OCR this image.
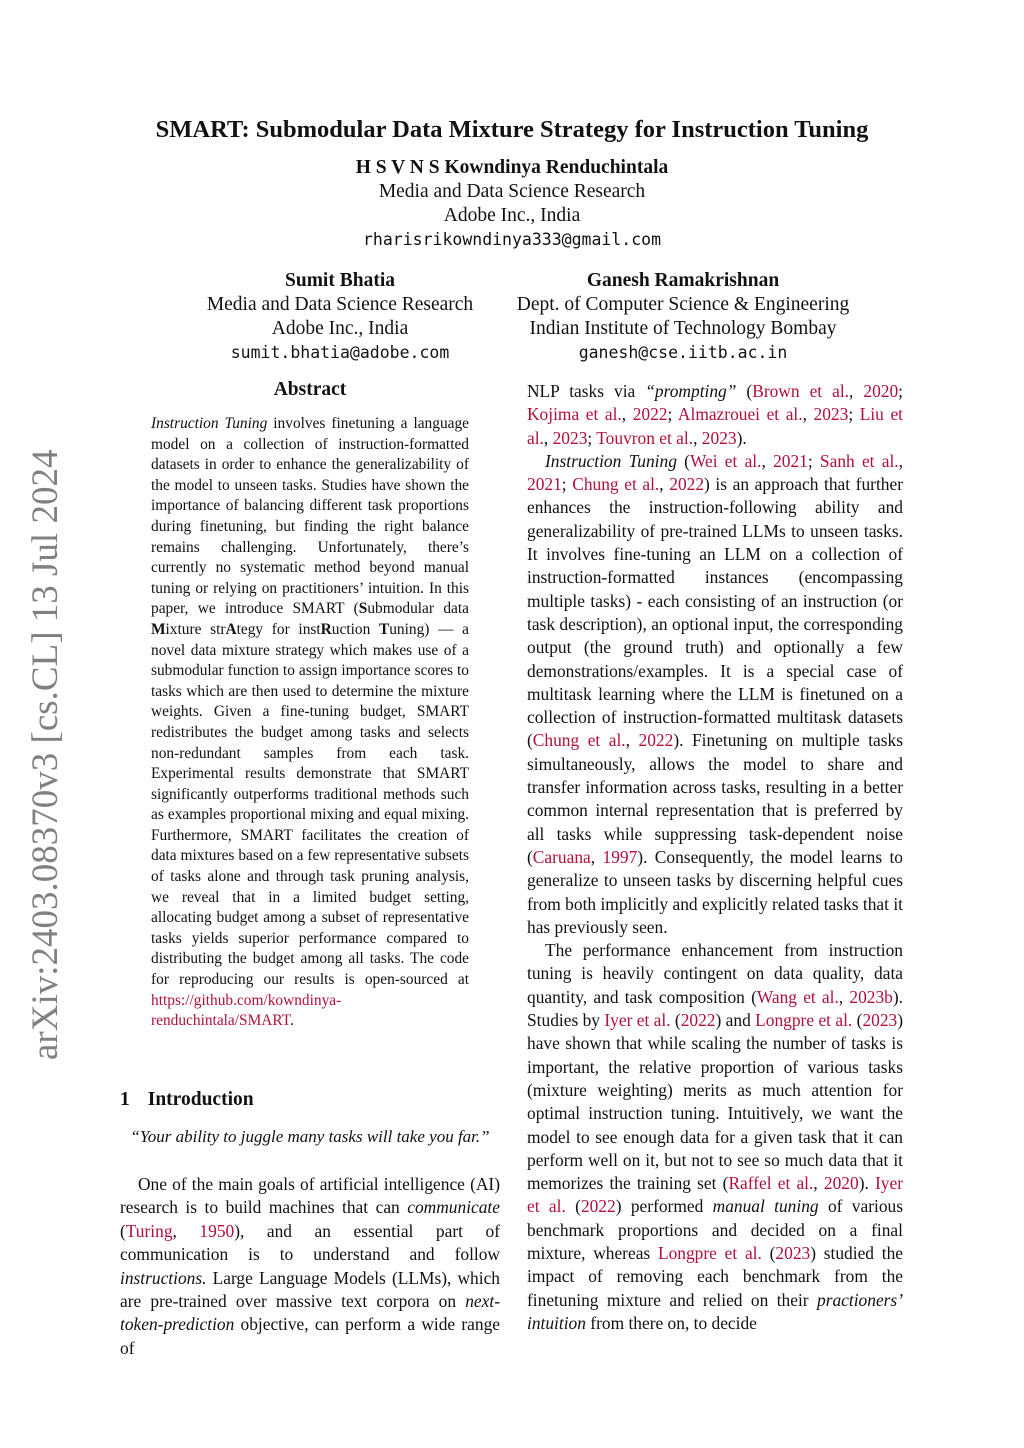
arXiv:2403.08370v3 [cs.CL] 13 Jul 2024
SMART: Submodular Data Mixture Strategy for Instruction Tuning
H S V N S Kowndinya Renduchintala
Media and Data Science Research
Adobe Inc., India
rharisrikowndinya333@gmail.com
Sumit Bhatia
Media and Data Science Research
Adobe Inc., India
sumit.bhatia@adobe.com
Ganesh Ramakrishnan
Dept. of Computer Science & Engineering
Indian Institute of Technology Bombay
ganesh@cse.iitb.ac.in
Abstract
Instruction Tuning involves finetuning a language model on a collection of instruction-formatted datasets in order to enhance the generalizability of the model to unseen tasks. Studies have shown the importance of balancing different task proportions during finetuning, but finding the right balance remains challenging. Unfortunately, there’s currently no systematic method beyond manual tuning or relying on practitioners’ intuition. In this paper, we introduce SMART (Submodular data Mixture strAtegy for instRuction Tuning) — a novel data mixture strategy which makes use of a submodular function to assign importance scores to tasks which are then used to determine the mixture weights. Given a fine-tuning budget, SMART redistributes the budget among tasks and selects non-redundant samples from each task. Experimental results demonstrate that SMART significantly outperforms traditional methods such as examples proportional mixing and equal mixing. Furthermore, SMART facilitates the creation of data mixtures based on a few representative subsets of tasks alone and through task pruning analysis, we reveal that in a limited budget setting, allocating budget among a subset of representative tasks yields superior performance compared to distributing the budget among all tasks. The code for reproducing our results is open-sourced at https://github.com/kowndinya-renduchintala/SMART.
1 Introduction
“Your ability to juggle many tasks will take you far.”

One of the main goals of artificial intelligence (AI) research is to build machines that can communicate (Turing, 1950), and an essential part of communication is to understand and follow instructions. Large Language Models (LLMs), which are pre-trained over massive text corpora on next-token-prediction objective, can perform a wide range of

NLP tasks via “prompting” (Brown et al., 2020; Kojima et al., 2022; Almazrouei et al., 2023; Liu et al., 2023; Touvron et al., 2023).

Instruction Tuning (Wei et al., 2021; Sanh et al., 2021; Chung et al., 2022) is an approach that further enhances the instruction-following ability and generalizability of pre-trained LLMs to unseen tasks. It involves fine-tuning an LLM on a collection of instruction-formatted instances (encompassing multiple tasks) - each consisting of an instruction (or task description), an optional input, the corresponding output (the ground truth) and optionally a few demonstrations/examples. It is a special case of multitask learning where the LLM is finetuned on a collection of instruction-formatted multitask datasets (Chung et al., 2022). Finetuning on multiple tasks simultaneously, allows the model to share and transfer information across tasks, resulting in a better common internal representation that is preferred by all tasks while suppressing task-dependent noise (Caruana, 1997). Consequently, the model learns to generalize to unseen tasks by discerning helpful cues from both implicitly and explicitly related tasks that it has previously seen.

The performance enhancement from instruction tuning is heavily contingent on data quality, data quantity, and task composition (Wang et al., 2023b). Studies by Iyer et al. (2022) and Longpre et al. (2023) have shown that while scaling the number of tasks is important, the relative proportion of various tasks (mixture weighting) merits as much attention for optimal instruction tuning. Intuitively, we want the model to see enough data for a given task that it can perform well on it, but not to see so much data that it memorizes the training set (Raffel et al., 2020). Iyer et al. (2022) performed manual tuning of various benchmark proportions and decided on a final mixture, whereas Longpre et al. (2023) studied the impact of removing each benchmark from the finetuning mixture and relied on their practioners’ intuition from there on, to decide
